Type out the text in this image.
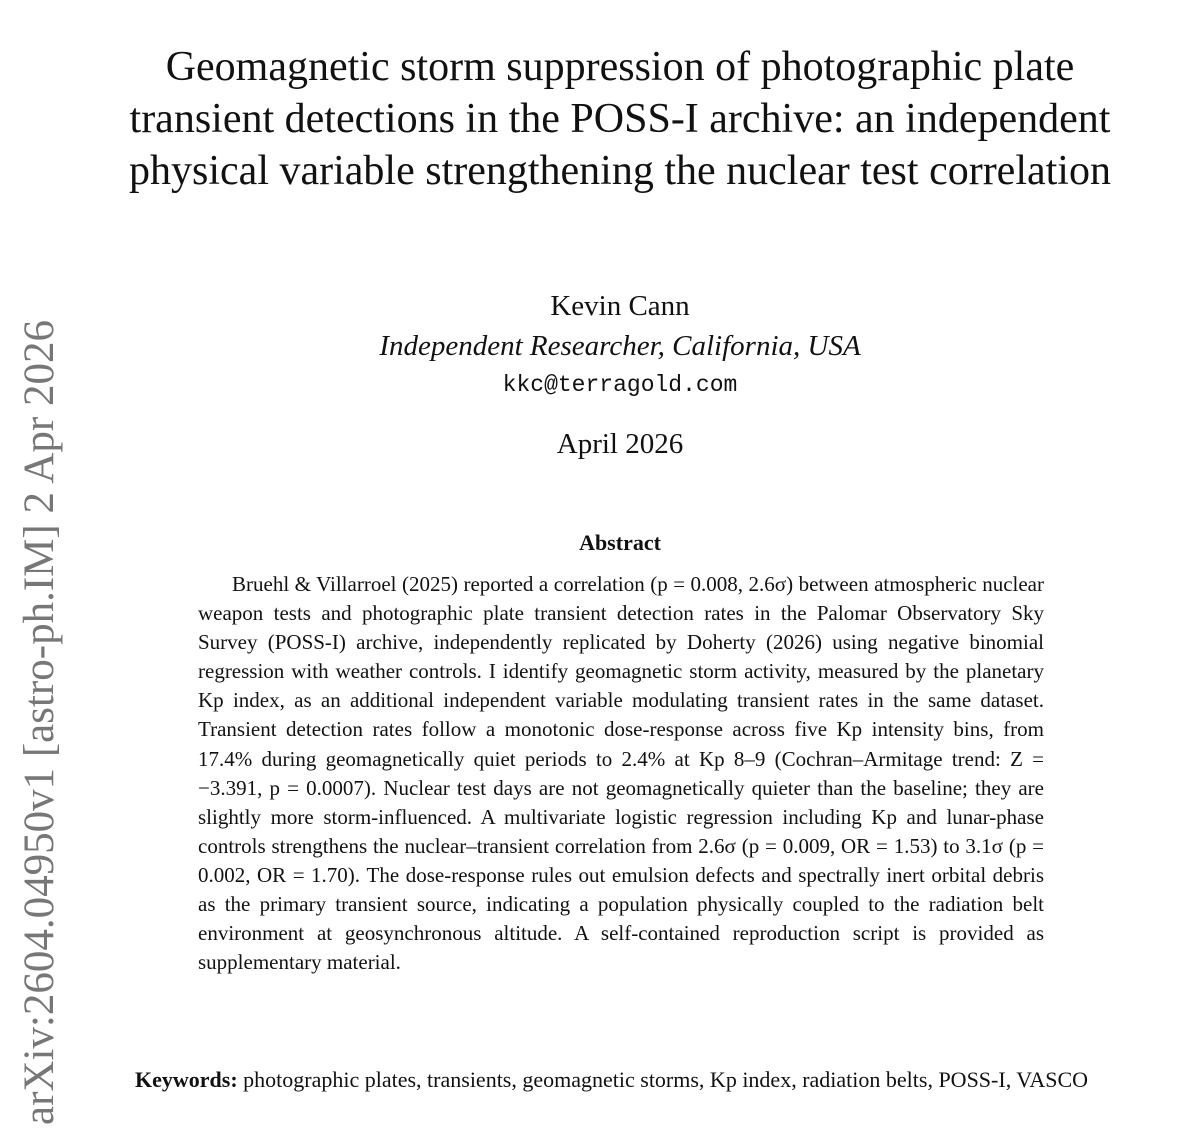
arXiv:2604.04950v1 [astro-ph.IM] 2 Apr 2026
Geomagnetic storm suppression of photographic plate transient detections in the POSS-I archive: an independent physical variable strengthening the nuclear test correlation
Kevin Cann
Independent Researcher, California, USA
kkc@terragold.com
April 2026
Abstract

Bruehl & Villarroel (2025) reported a correlation (p = 0.008, 2.6σ) between atmospheric nuclear weapon tests and photographic plate transient detection rates in the Palomar Observatory Sky Survey (POSS-I) archive, independently replicated by Doherty (2026) using negative binomial regression with weather controls. I identify geomagnetic storm activity, measured by the planetary Kp index, as an additional independent variable modulating transient rates in the same dataset. Transient detection rates follow a monotonic dose-response across five Kp intensity bins, from 17.4% during geomagnetically quiet periods to 2.4% at Kp 8–9 (Cochran–Armitage trend: Z = −3.391, p = 0.0007). Nuclear test days are not geomagnetically quieter than the baseline; they are slightly more storm-influenced. A multivariate logistic regression including Kp and lunar-phase controls strengthens the nuclear–transient correlation from 2.6σ (p = 0.009, OR = 1.53) to 3.1σ (p = 0.002, OR = 1.70). The dose-response rules out emulsion defects and spectrally inert orbital debris as the primary transient source, indicating a population physically coupled to the radiation belt environment at geosynchronous altitude. A self-contained reproduction script is provided as supplementary material.

Keywords: photographic plates, transients, geomagnetic storms, Kp index, radiation belts, POSS-I, VASCO
